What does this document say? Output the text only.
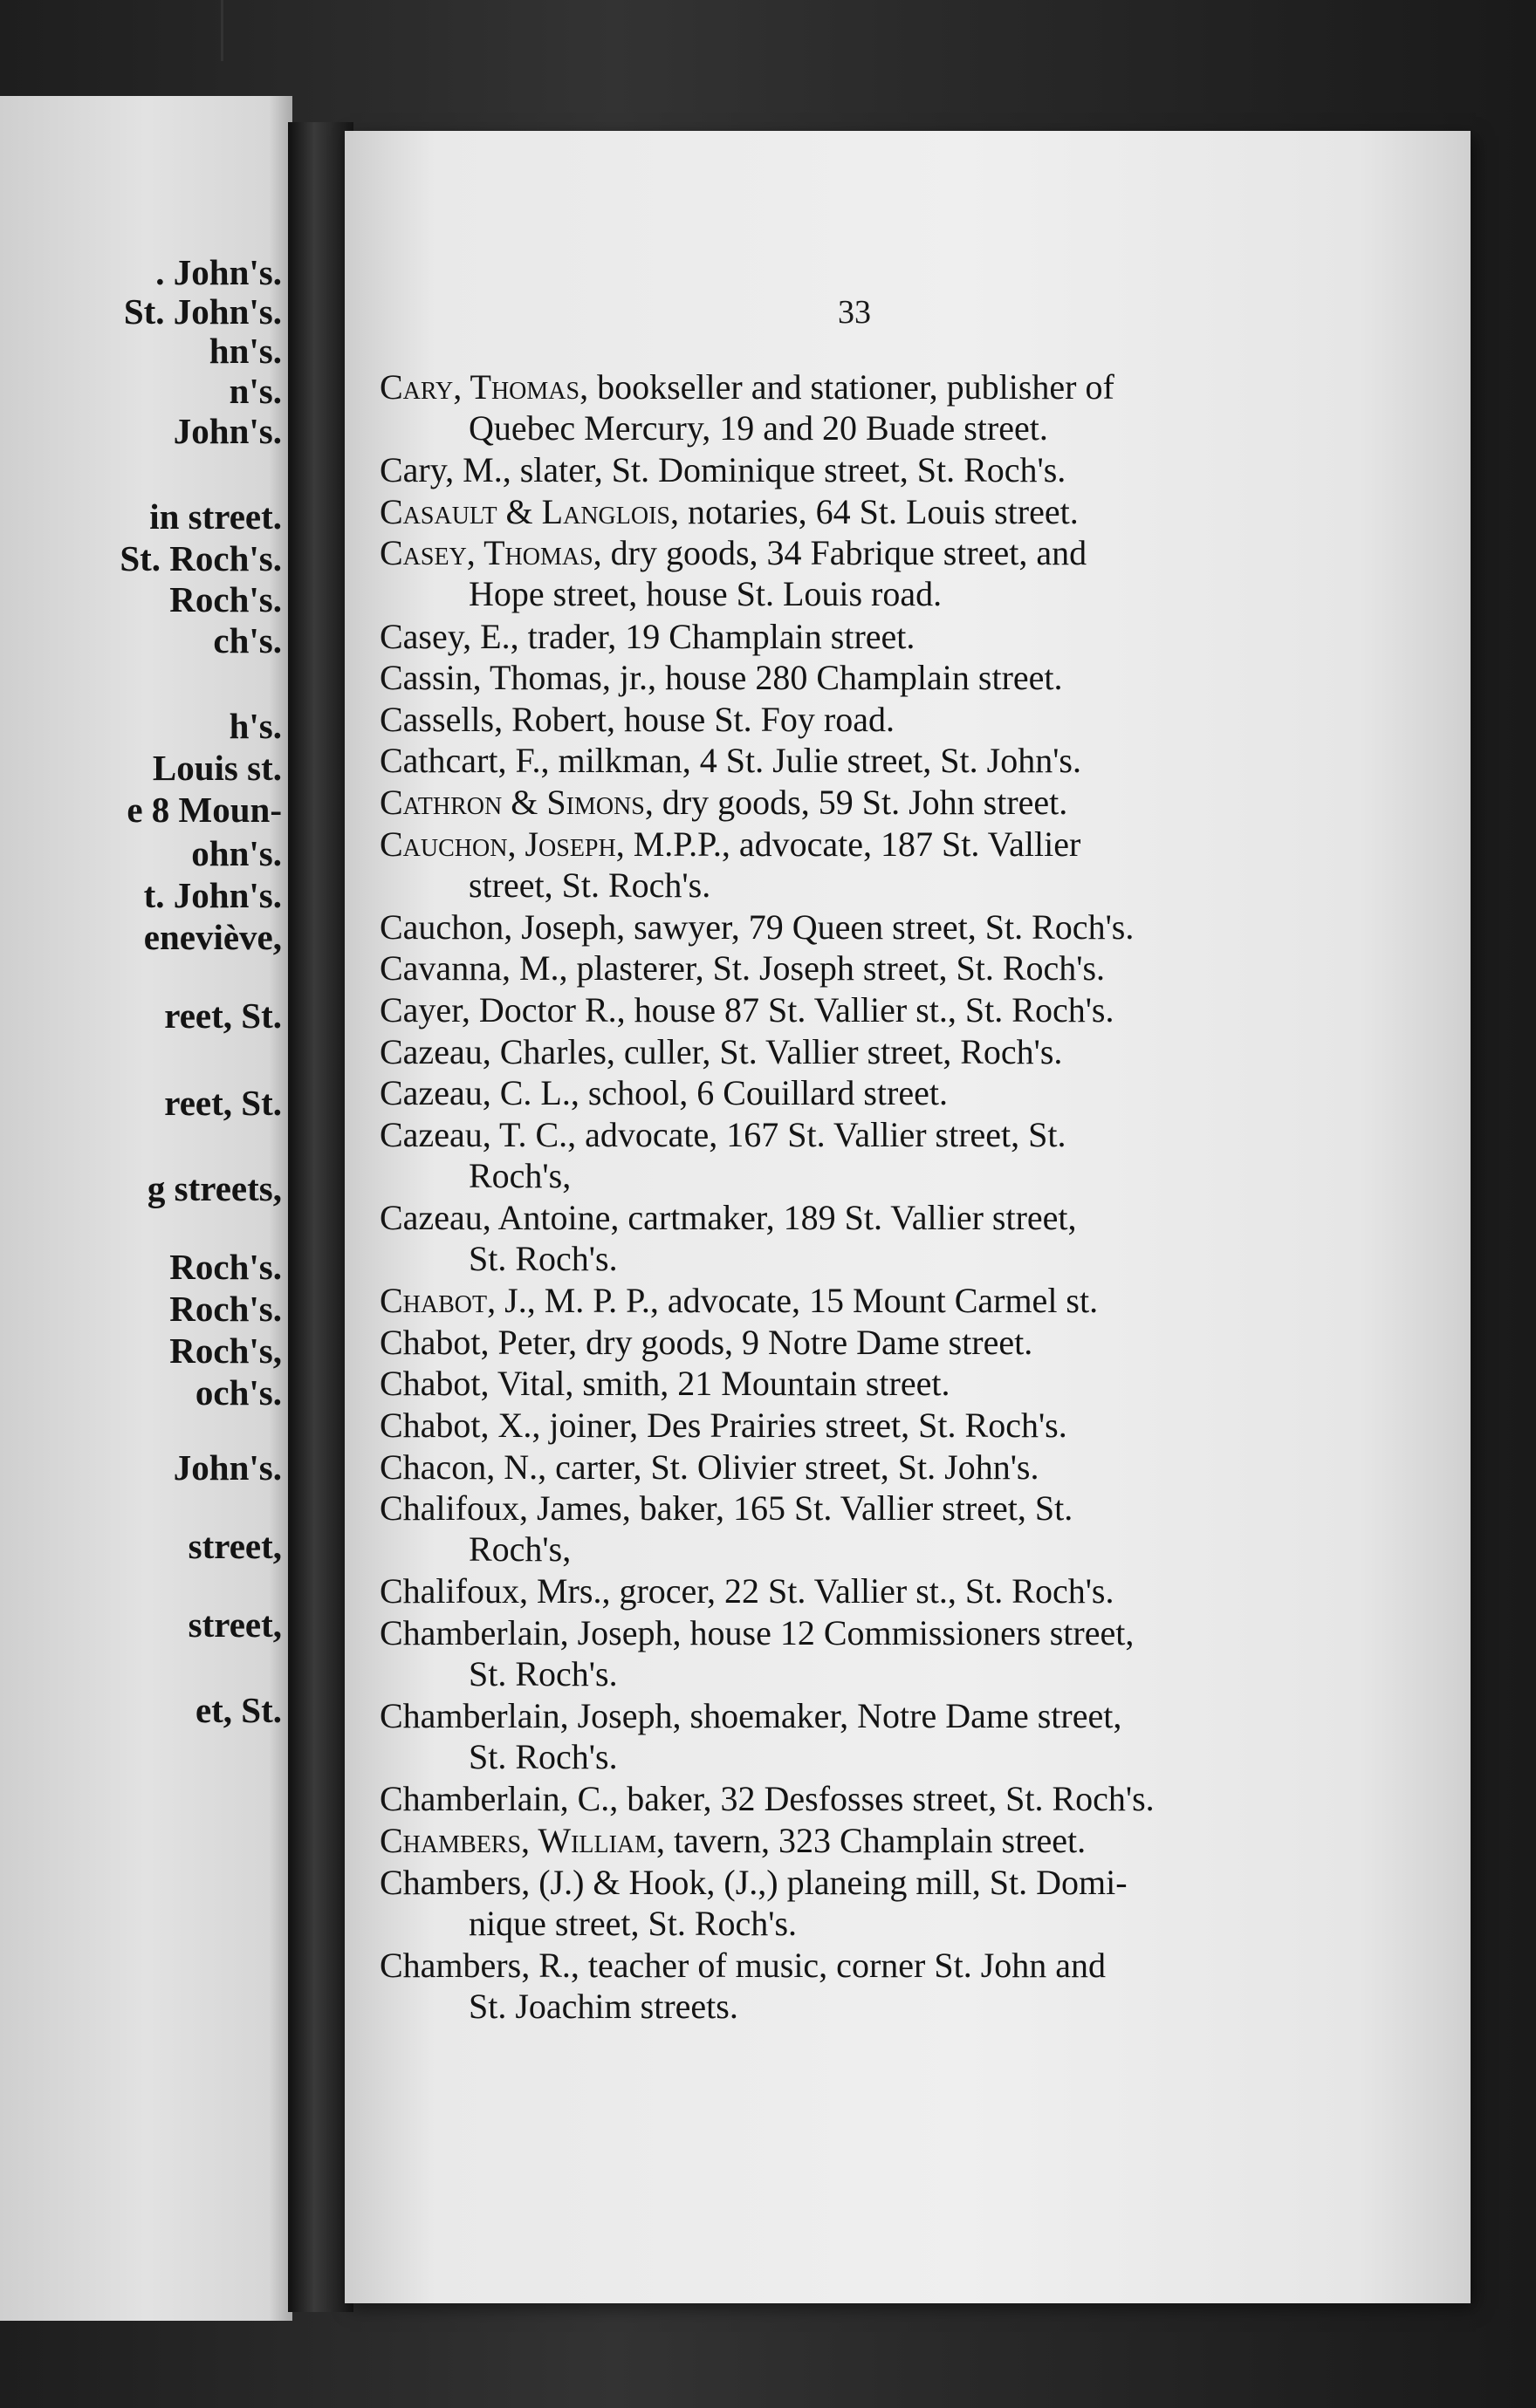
. John's.
St. John's.
hn's.
n's.
John's.
in street.
St. Roch's.
Roch's.
ch's.
h's.
Louis st.
e 8 Moun-
ohn's.
t. John's.
eneviève,
reet, St.
reet, St.
g streets,
Roch's.
Roch's.
Roch's,
och's.
John's.
street,
street,
et, St.
33
Cary, Thomas, bookseller and stationer, publisher of
Quebec Mercury, 19 and 20 Buade street.
Cary, M., slater, St. Dominique street, St. Roch's.
Casault & Langlois, notaries, 64 St. Louis street.
Casey, Thomas, dry goods, 34 Fabrique street, and
Hope street, house St. Louis road.
Casey, E., trader, 19 Champlain street.
Cassin, Thomas, jr., house 280 Champlain street.
Cassells, Robert, house St. Foy road.
Cathcart, F., milkman, 4 St. Julie street, St. John's.
Cathron & Simons, dry goods, 59 St. John street.
Cauchon, Joseph, M.P.P., advocate, 187 St. Vallier
street, St. Roch's.
Cauchon, Joseph, sawyer, 79 Queen street, St. Roch's.
Cavanna, M., plasterer, St. Joseph street, St. Roch's.
Cayer, Doctor R., house 87 St. Vallier st., St. Roch's.
Cazeau, Charles, culler, St. Vallier street, Roch's.
Cazeau, C. L., school, 6 Couillard street.
Cazeau, T. C., advocate, 167 St. Vallier street, St.
Roch's,
Cazeau, Antoine, cartmaker, 189 St. Vallier street,
St. Roch's.
Chabot, J., M. P. P., advocate, 15 Mount Carmel st.
Chabot, Peter, dry goods, 9 Notre Dame street.
Chabot, Vital, smith, 21 Mountain street.
Chabot, X., joiner, Des Prairies street, St. Roch's.
Chacon, N., carter, St. Olivier street, St. John's.
Chalifoux, James, baker, 165 St. Vallier street, St.
Roch's,
Chalifoux, Mrs., grocer, 22 St. Vallier st., St. Roch's.
Chamberlain, Joseph, house 12 Commissioners street,
St. Roch's.
Chamberlain, Joseph, shoemaker, Notre Dame street,
St. Roch's.
Chamberlain, C., baker, 32 Desfosses street, St. Roch's.
Chambers, William, tavern, 323 Champlain street.
Chambers, (J.) & Hook, (J.,) planeing mill, St. Domi-
nique street, St. Roch's.
Chambers, R., teacher of music, corner St. John and
St. Joachim streets.
